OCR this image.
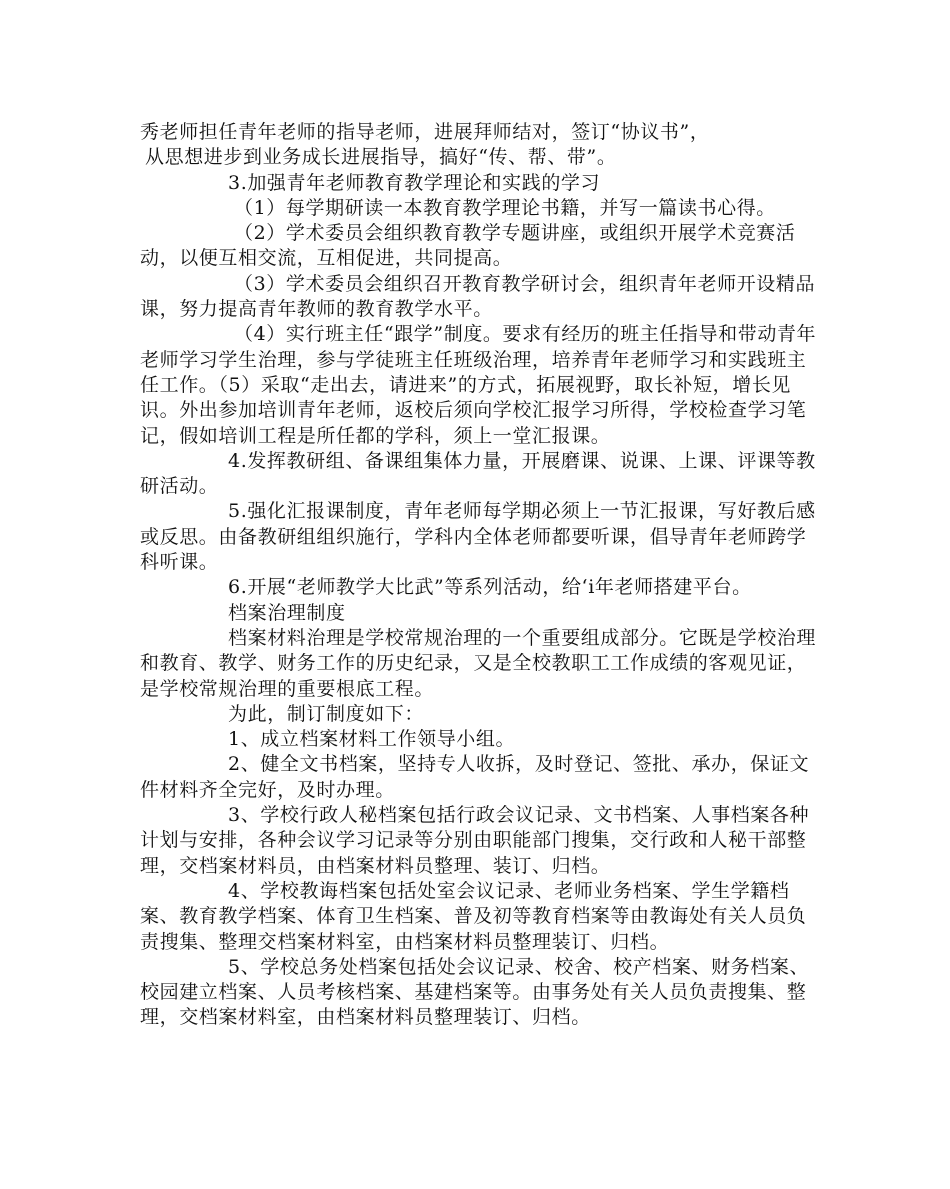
秀老师担任青年老师的指导老师，进展拜师结对，签订“协议书”，

从思想进步到业务成长进展指导，搞好“传、帮、带”。

3.加强青年老师教育教学理论和实践的学习

（1）每学期研读一本教育教学理论书籍，并写一篇读书心得。

（2）学术委员会组织教育教学专题讲座，或组织开展学术竞赛活动，以便互相交流，互相促进，共同提高。

（3）学术委员会组织召开教育教学研讨会，组织青年老师开设精品课，努力提高青年教师的教育教学水平。

（4）实行班主任“跟学”制度。要求有经历的班主任指导和带动青年老师学习学生治理，参与学徒班主任班级治理，培养青年老师学习和实践班主任工作。（5）采取“走出去，请进来”的方式，拓展视野，取长补短，增长见识。外出参加培训青年老师，返校后须向学校汇报学习所得，学校检查学习笔记，假如培训工程是所任都的学科，须上一堂汇报课。

4.发挥教研组、备课组集体力量，开展磨课、说课、上课、评课等教研活动。

5.强化汇报课制度，青年老师每学期必须上一节汇报课，写好教后感或反思。由备教研组组织施行，学科内全体老师都要听课，倡导青年老师跨学科听课。

6.开展“老师教学大比武”等系列活动，给‘i年老师搭建平台。

档案治理制度

档案材料治理是学校常规治理的一个重要组成部分。它既是学校治理和教育、教学、财务工作的历史纪录，又是全校教职工工作成绩的客观见证，是学校常规治理的重要根底工程。

为此，制订制度如下：

1、成立档案材料工作领导小组。

2、健全文书档案，坚持专人收拆，及时登记、签批、承办，保证文件材料齐全完好，及时办理。

3、学校行政人秘档案包括行政会议记录、文书档案、人事档案各种计划与安排，各种会议学习记录等分别由职能部门搜集，交行政和人秘干部整理，交档案材料员，由档案材料员整理、装订、归档。

4、学校教诲档案包括处室会议记录、老师业务档案、学生学籍档案、教育教学档案、体育卫生档案、普及初等教育档案等由教诲处有关人员负责搜集、整理交档案材料室，由档案材料员整理装订、归档。

5、学校总务处档案包括处会议记录、校舍、校产档案、财务档案、校园建立档案、人员考核档案、基建档案等。由事务处有关人员负责搜集、整理，交档案材料室，由档案材料员整理装订、归档。
